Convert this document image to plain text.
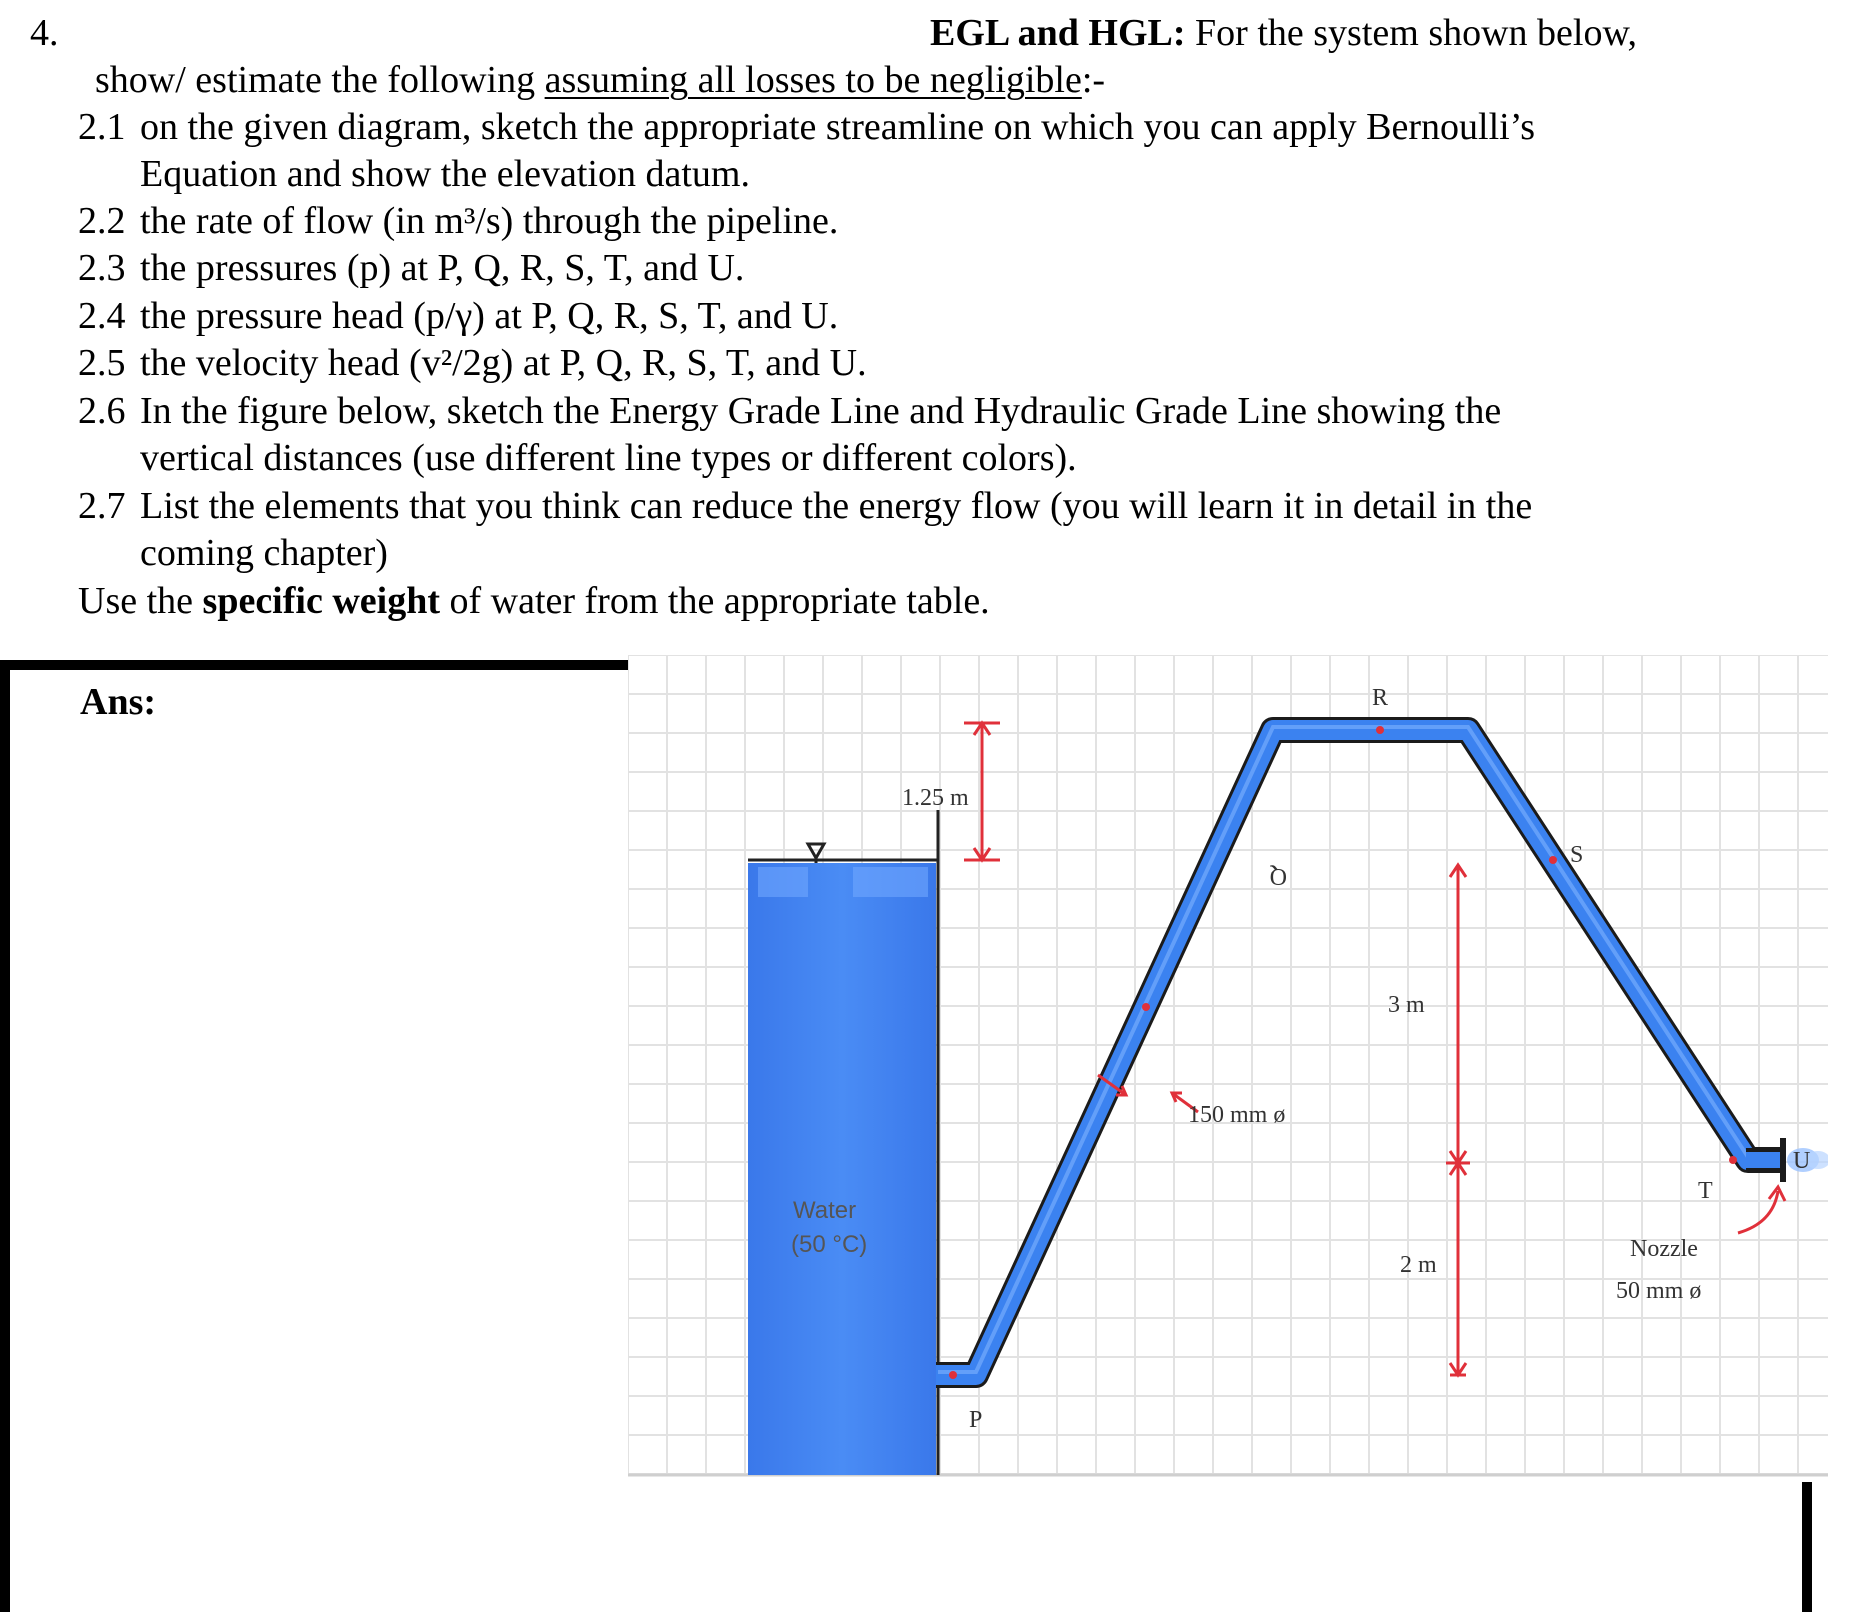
4.	EGL and HGL: For the system shown below,
show/ estimate the following assuming all losses to be negligible:-
2.1 on the given diagram, sketch the appropriate streamline on which you can apply Bernoulli’s
Equation and show the elevation datum.
2.2 the rate of flow (in m³/s) through the pipeline.
2.3 the pressures (p) at P, Q, R, S, T, and U.
2.4 the pressure head (p/γ) at P, Q, R, S, T, and U.
2.5 the velocity head (v²/2g) at P, Q, R, S, T, and U.
2.6 In the figure below, sketch the Energy Grade Line and Hydraulic Grade Line showing the
vertical distances (use different line types or different colors).
2.7 List the elements that you think can reduce the energy flow (you will learn it in detail in the
coming chapter)
Use the specific weight of water from the appropriate table.
Ans:
1.25 m
3 m
2 m
150 mm ø
Water
(50 °C)	Nozzle
50 mm ø
P
Q
R
S
T
U
